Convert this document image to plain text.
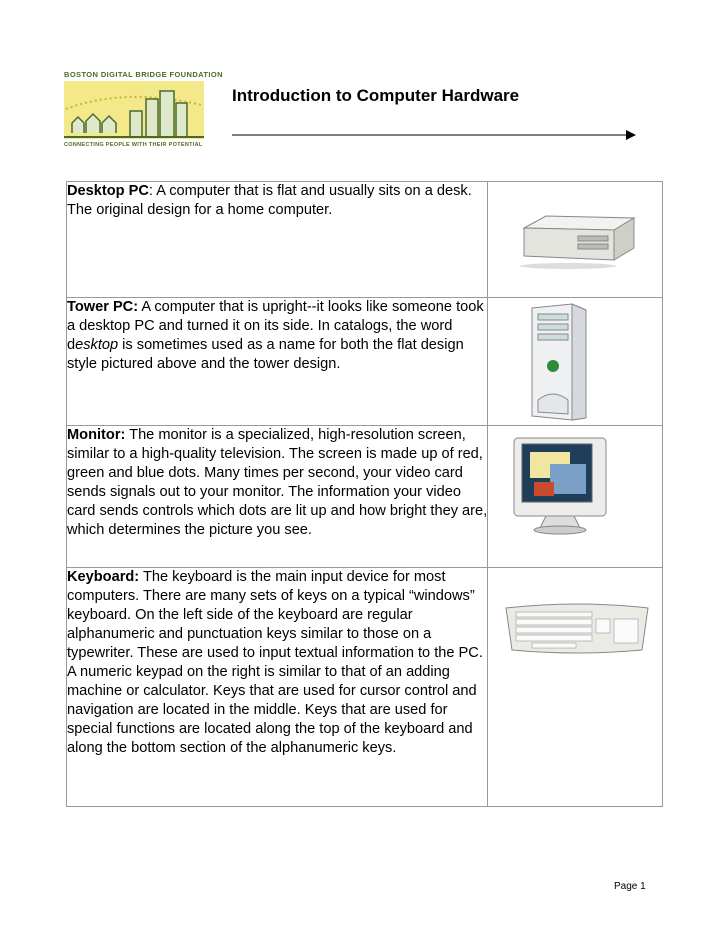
BOSTON DIGITAL BRIDGE FOUNDATION
CONNECTING PEOPLE WITH THEIR POTENTIAL
Introduction to Computer Hardware
Desktop PC: A computer that is flat and usually sits on a desk. The original design for a home computer.	

Tower PC: A computer that is upright--it looks like someone took a desktop PC and turned it on its side. In catalogs, the word desktop is sometimes used as a name for both the flat design style pictured above and the tower design.	

Monitor: The monitor is a specialized, high-resolution screen, similar to a high-quality television. The screen is made up of red, green and blue dots. Many times per second, your video card sends signals out to your monitor. The information your video card sends controls which dots are lit up and how bright they are, which determines the picture you see.	

Keyboard: The keyboard is the main input device for most computers. There are many sets of keys on a typical “windows” keyboard. On the left side of the keyboard are regular alphanumeric and punctuation keys similar to those on a typewriter. These are used to input textual information to the PC. A numeric keypad on the right is similar to that of an adding machine or calculator. Keys that are used for cursor control and navigation are located in the middle. Keys that are used for special functions are located along the top of the keyboard and along the bottom section of the alphanumeric keys.	
Page 1
